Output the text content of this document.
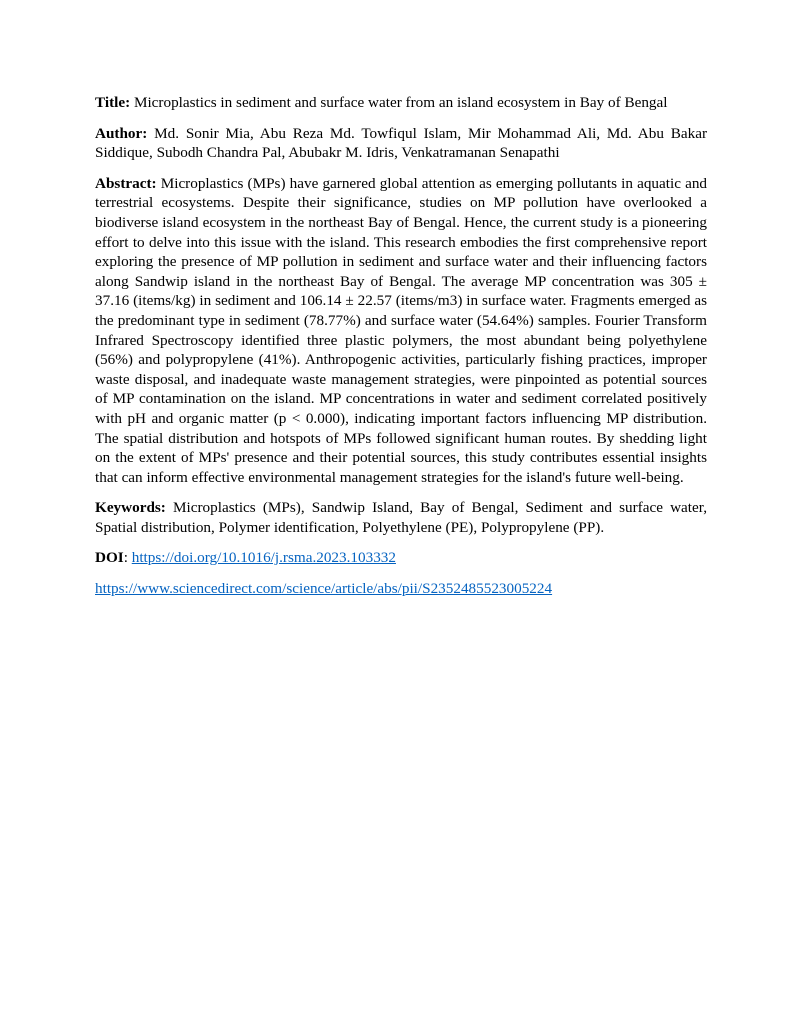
Title: Microplastics in sediment and surface water from an island ecosystem in Bay of Bengal

Author: Md. Sonir Mia, Abu Reza Md. Towfiqul Islam, Mir Mohammad Ali, Md. Abu Bakar Siddique, Subodh Chandra Pal, Abubakr M. Idris, Venkatramanan Senapathi

Abstract: Microplastics (MPs) have garnered global attention as emerging pollutants in aquatic and terrestrial ecosystems. Despite their significance, studies on MP pollution have overlooked a biodiverse island ecosystem in the northeast Bay of Bengal. Hence, the current study is a pioneering effort to delve into this issue with the island. This research embodies the first comprehensive report exploring the presence of MP pollution in sediment and surface water and their influencing factors along Sandwip island in the northeast Bay of Bengal. The average MP concentration was 305 ± 37.16 (items/kg) in sediment and 106.14 ± 22.57 (items/m3) in surface water. Fragments emerged as the predominant type in sediment (78.77%) and surface water (54.64%) samples. Fourier Transform Infrared Spectroscopy identified three plastic polymers, the most abundant being polyethylene (56%) and polypropylene (41%). Anthropogenic activities, particularly fishing practices, improper waste disposal, and inadequate waste management strategies, were pinpointed as potential sources of MP contamination on the island. MP concentrations in water and sediment correlated positively with pH and organic matter (p < 0.000), indicating important factors influencing MP distribution. The spatial distribution and hotspots of MPs followed significant human routes. By shedding light on the extent of MPs' presence and their potential sources, this study contributes essential insights that can inform effective environmental management strategies for the island's future well-being.

Keywords: Microplastics (MPs), Sandwip Island, Bay of Bengal, Sediment and surface water, Spatial distribution, Polymer identification, Polyethylene (PE), Polypropylene (PP).

DOI: https://doi.org/10.1016/j.rsma.2023.103332

https://www.sciencedirect.com/science/article/abs/pii/S2352485523005224
